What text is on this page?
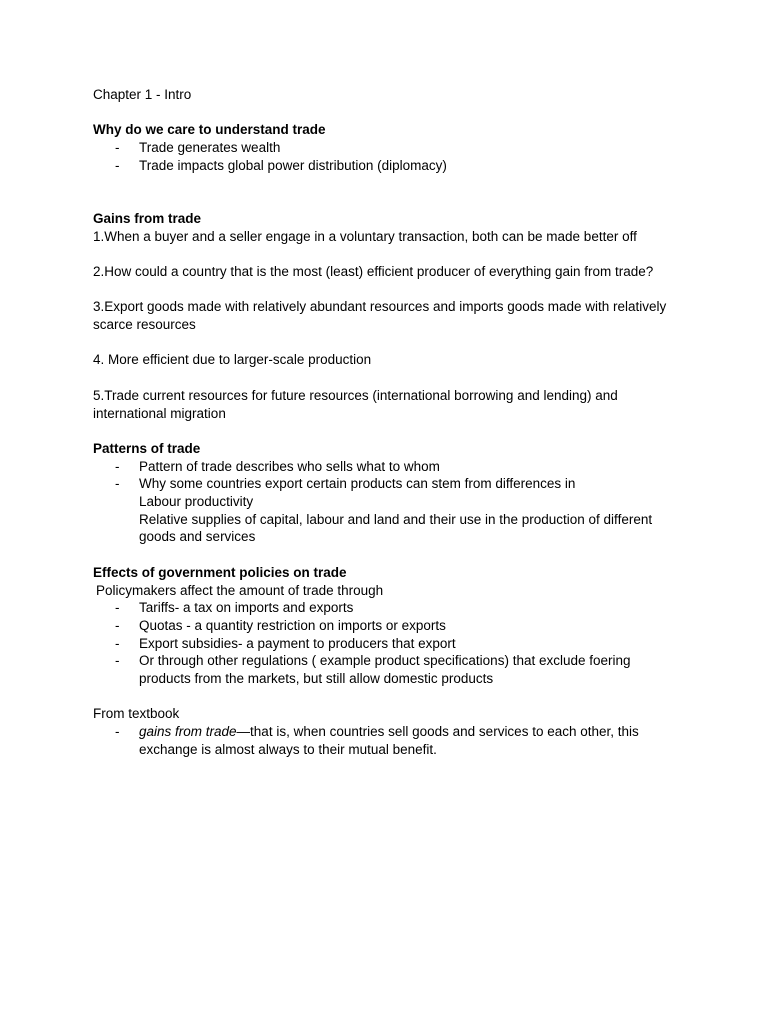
Chapter 1 - Intro

Why do we care to understand trade

- Trade generates wealth
- Trade impacts global power distribution (diplomacy)

Gains from trade

1.When a buyer and a seller engage in a voluntary transaction, both can be made better off

2.How could a country that is the most (least) efficient producer of everything gain from trade?

3.Export goods made with relatively abundant resources and imports goods made with relatively scarce resources

4. More efficient due to larger-scale production

5.Trade current resources for future resources (international borrowing and lending) and international migration

Patterns of trade

- Pattern of trade describes who sells what to whom
- Why some countries export certain products can stem from differences in

Labour productivity

Relative supplies of capital, labour and land and their use in the production of different goods and services

Effects of government policies on trade

Policymakers affect the amount of trade through

- Tariffs- a tax on imports and exports
- Quotas - a quantity restriction on imports or exports
- Export subsidies- a payment to producers that export
- Or through other regulations ( example product specifications) that exclude foering products from the markets, but still allow domestic products

From textbook

- gains from trade—that is, when countries sell goods and services to each other, this exchange is almost always to their mutual benefit.
